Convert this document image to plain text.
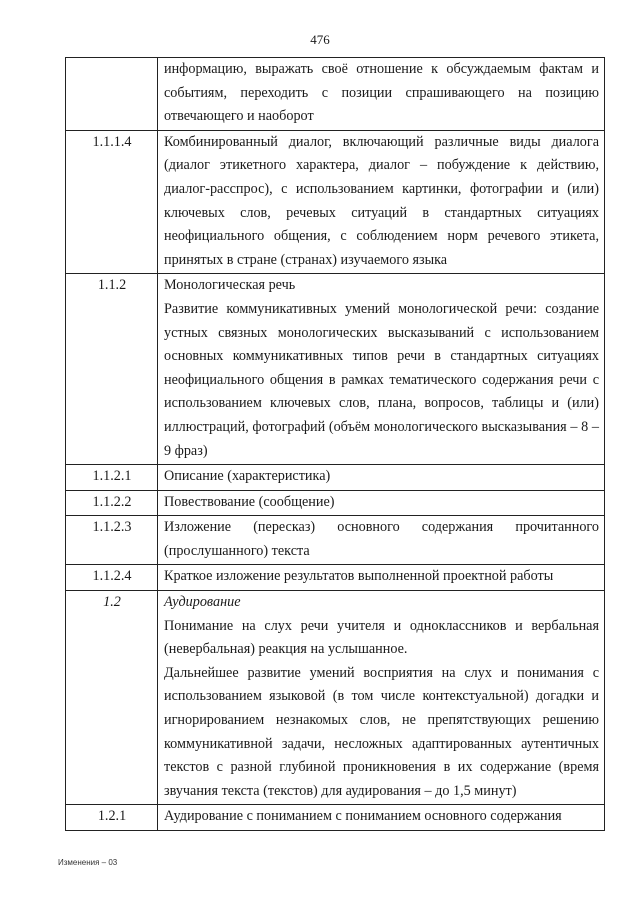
476

	информацию, выражать своё отношение к обсуждаемым фактам и событиям, переходить с позиции спрашивающего на позицию отвечающего и наоборот

1.1.1.4	Комбинированный диалог, включающий различные виды диалога (диалог этикетного характера, диалог – побуждение к действию, диалог-расспрос), с использованием картинки, фотографии и (или) ключевых слов, речевых ситуаций в стандартных ситуациях неофициального общения, с соблюдением норм речевого этикета, принятых в стране (странах) изучаемого языка

1.1.2	Монологическая речь
Развитие коммуникативных умений монологической речи: создание устных связных монологических высказываний с использованием основных коммуникативных типов речи в стандартных ситуациях неофициального общения в рамках тематического содержания речи с использованием ключевых слов, плана, вопросов, таблицы и (или) иллюстраций, фотографий (объём монологического высказывания – 8 – 9 фраз)

1.1.2.1	Описание (характеристика)

1.1.2.2	Повествование (сообщение)

1.1.2.3	Изложение (пересказ) основного содержания прочитанного (прослушанного) текста

1.1.2.4	Краткое изложение результатов выполненной проектной работы

1.2	Аудирование
Понимание на слух речи учителя и одноклассников и вербальная (невербальная) реакция на услышанное.
Дальнейшее развитие умений восприятия на слух и понимания с использованием языковой (в том числе контекстуальной) догадки и игнорированием незнакомых слов, не препятствующих решению коммуникативной задачи, несложных адаптированных аутентичных текстов с разной глубиной проникновения в их содержание (время звучания текста (текстов) для аудирования – до 1,5 минут)

1.2.1	Аудирование с пониманием с пониманием основного содержания
Изменения – 03
